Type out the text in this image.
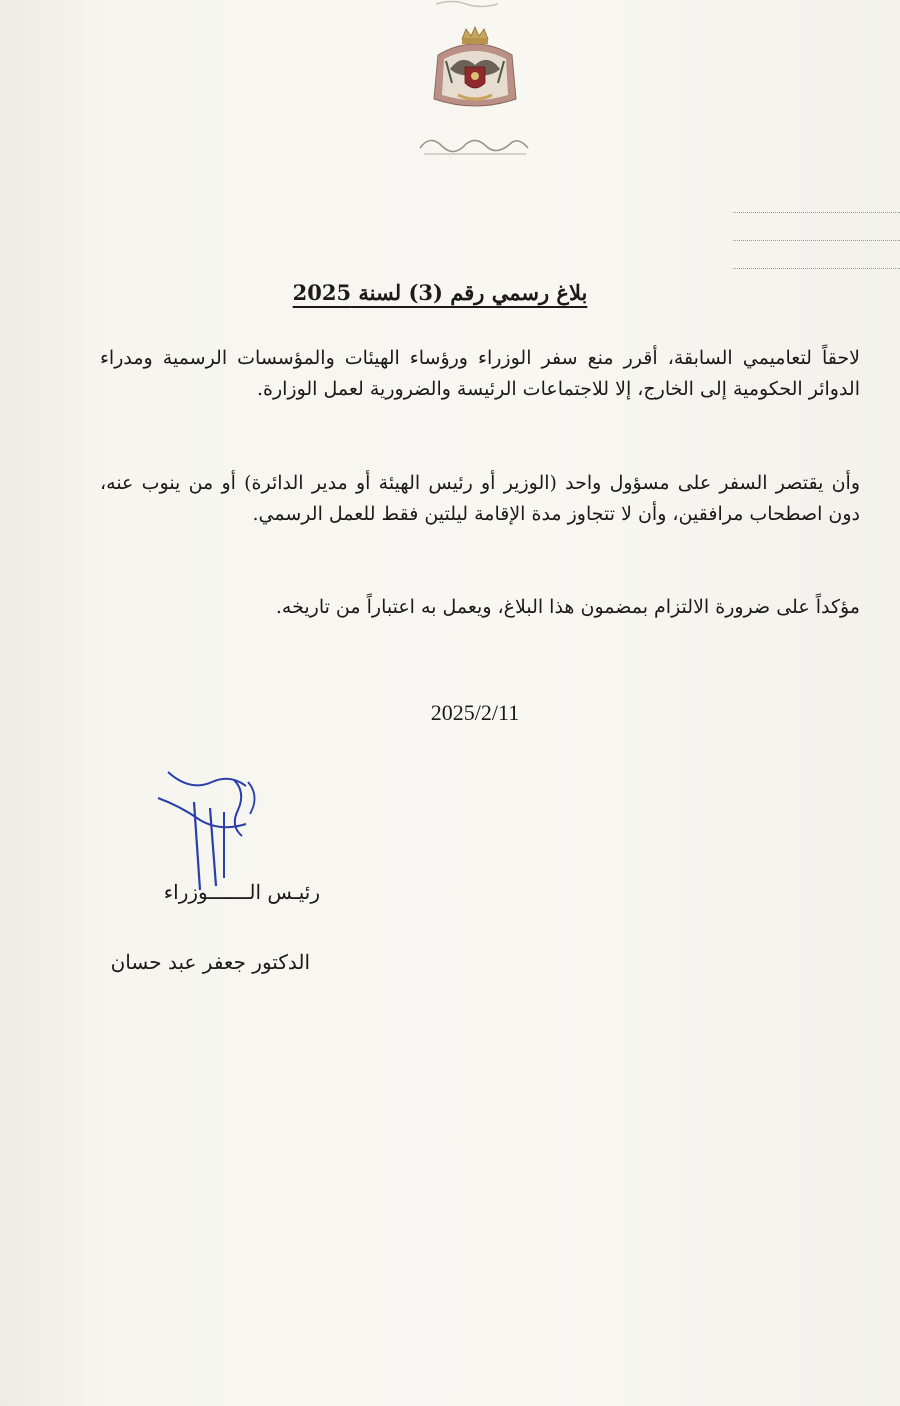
بلاغ رسمي رقم (3) لسنة 2025
لاحقاً لتعاميمي السابقة، أقرر منع سفر الوزراء ورؤساء الهيئات والمؤسسات الرسمية ومدراء الدوائر الحكومية إلى الخارج، إلا للاجتماعات الرئيسة والضرورية لعمل الوزارة.
وأن يقتصر السفر على مسؤول واحد (الوزير أو رئيس الهيئة أو مدير الدائرة) أو من ينوب عنه، دون اصطحاب مرافقين، وأن لا تتجاوز مدة الإقامة ليلتين فقط للعمل الرسمي.
مؤكداً على ضرورة الالتزام بمضمون هذا البلاغ، ويعمل به اعتباراً من تاريخه.
2025/2/11
رئيـس الـــــــوزراء
الدكتور جعفر عبد حسان
